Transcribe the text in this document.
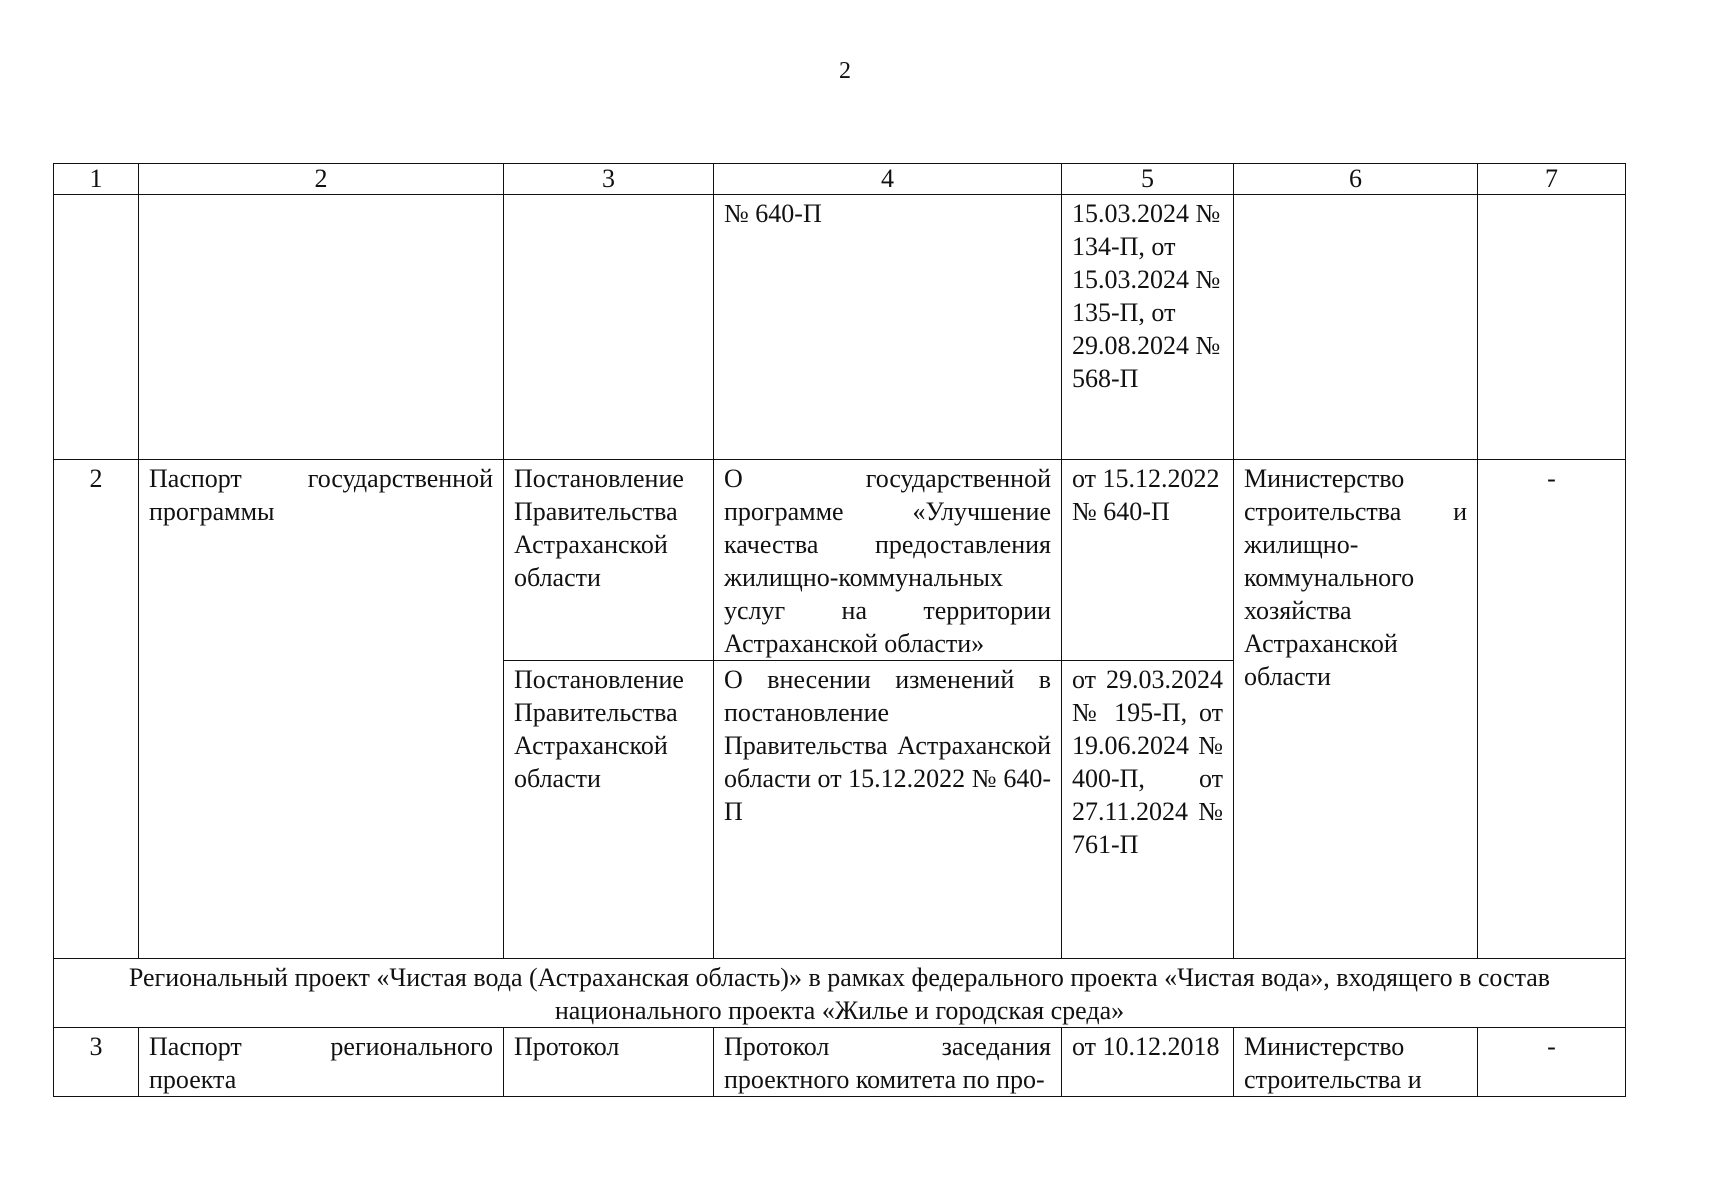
2
1	2	3	4	5	6	7
			№ 640-П	15.03.2024 № 134-П, от 15.03.2024 № 135-П, от 29.08.2024 № 568-П		
2	Паспорт государственной программы	Постановление Правительства Астраханской области	О государственной программе «Улучшение качества предоставления жилищно-коммунальных услуг на территории Астраханской области»	от 15.12.2022 № 640-П	Министерство строительства и жилищно-коммунального хозяйства Астраханской области	-
		Постановление Правительства Астраханской области	О внесении изменений в постановление Правительства Астраханской области от 15.12.2022 № 640-П	от 29.03.2024 № 195-П, от 19.06.2024 № 400-П, от 27.11.2024 № 761-П		
Региональный проект «Чистая вода (Астраханская область)» в рамках федерального проекта «Чистая вода», входящего в состав национального проекта «Жилье и городская среда»						
3	Паспорт регионального проекта	Протокол	Протокол заседания проектного комитета по про-	от 10.12.2018	Министерство строительства и	-
